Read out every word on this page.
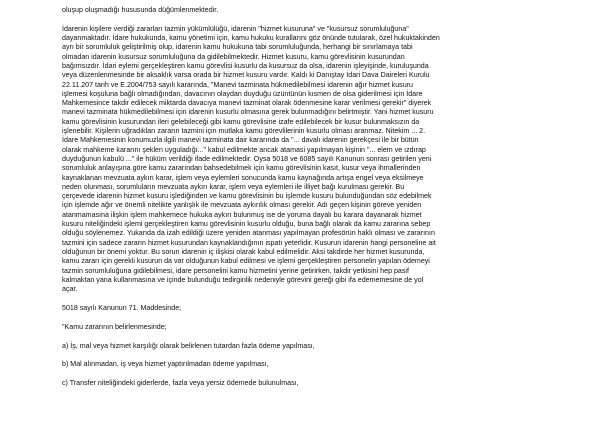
oluşup oluşmadığı hususunda düğümlenmektedir.

İdarenin kişilere verdiği zararları tazmin yükümlülüğü, idarenin "hizmet kusuruna" ve "kusursuz sorumluluğuna"

dayanmaktadır. İdare hukukunda, kamu yönetimi için, kamu hukuku kurallarını göz önünde tutularak, özel hukuktakinden

ayrı bir sorumluluk geliştirilmiş olup, idarenin kamu hukukuna tabi sorumluluğunda, herhangi bir sınırlamaya tabi

olmadan idarenin kusursuz sorumluluğuna da gidilebilmektedir. Hizmet kusuru, kamu görevlisinin kusurundan

bağımsızdır. İdari eylemi gerçekleştiren kamu görevlisi kusurlu da kusursuz da olsa, idarenin işleyişinde, kuruluşunda

veya düzenlenmesinde bir aksaklık varsa orada bir hizmet kusuru vardır. Kaldı ki Danıştay İdari Dava Daireleri Kurulu

22.11.207 tarih ve E.2004/753 sayılı kararında, "Manevi tazminata hükmedilebilmesi idarenin ağır hizmet kusuru

işlemesi koşuluna bağlı olmadığından, davacının olaydan duyduğu üzüntünün kısmen de olsa giderilmesi için İdare

Mahkemesince takdir edilecek miktarda davacıya manevi tazminat olarak ödenmesine karar verilmesi gerekir" diyerek

manevi tazminata hükmedilebilmesi için idarenin kusurlu olmasına gerek bulunmadığını belirtmiştir. Yani hizmet kusuru

kamu görevlisinin kusurundan ileri gelebileceği gibi kamu görevlisine izafe edilebilecek bir kusur bulunmaksızın da

işlenebilir. Kişilerin uğradıkları zararın tazmini için mutlaka kamu görevlilerinin kusurlu olması aranmaz. Nitekim ... 2.

İdare Mahkemesinin konumuzla ilgili manevi tazminata dair kararında da "... davalı idarenin gerekçesi ile bir bütün

olarak mahkeme kararını şeklen uyguladığı..." kabul edilmekte ancak atamasi yapılmayan kişinin "... elem ve ızdırap

duyduğunun kabulü ..." ile hüküm verildiği ifade edilmektedir. Oysa 5018 ve 6085 sayılı Kanunun sonrası getirilen yeni

sorumluluk anlayışına göre kamu zararından bahsedebilmek için kamu görevlisinin kasıt, kusur veya ihmallerinden

kaynaklanan mevzuata aykırı karar, işlem veya eylemleri sonucunda kamu kaynağında artışa engel veya eksilmeye

neden olunması, sorumluların mevzuata aykırı karar, işlem veya eylemleri ile illiyet bağı kurulması gerekir. Bu

çerçevede idarenin hizmet kusuru işlediğinden ve kamu görevlisinin bu işlemde kusuru bulunduğundan söz edebilmek

için işlemde ağır ve önemli nitelikte yanlışlık ile mevzuata aykırılık olması gerekir. Adı geçen kişinin göreve yeniden

atanmamasına ilişkin işlem mahkemece hukuka aykırı bulunmuş ise de yoruma dayalı bu karara dayanarak hizmet

kusuru niteliğindeki işlemi gerçekleştiren kamu görevlisinin kusurlu olduğu, buna bağlı olarak da kamu zararına sebep

olduğu söylenemez. Yukarıda da izah edildiği üzere yeniden atanması yapılmayan profesörün haklı olması ve zararının

tazmini için sadece zararın hizmet kusurundan kaynaklandığının ispatı yeterlidir. Kusurun idarenin hangi personeline ait

olduğunun bir önemi yoktur. Bu sorun idarenin iç ilişkisi olarak kabul edilmelidir. Aksi takdirde her hizmet kusurunda,

kamu zararı için gerekli kusurun da var olduğunun kabul edilmesi ve işlemi gerçekleştiren personelin yapılan ödemeyi

tazmin sorumluluğuna gidilebilmesi, idare personelini kamu hizmetini yerine getirirken, takdir yetkisini hep pasif

kalmaktan yana kullanmasına ve içinde bulunduğu tedirginlik nedeniyle görevini gereği gibi ifa edememesine de yol

açar.

5018 sayılı Kanunun 71. Maddesinde;

"Kamu zararının belirlenmesinde;

a) İş, mal veya hizmet karşılığı olarak belirlenen tutardan fazla ödeme yapılması,

b) Mal alınmadan, iş veya hizmet yaptırılmadan ödeme yapılması,

c) Transfer niteliğindeki giderlerde, fazla veya yersiz ödemede bulunulması,
